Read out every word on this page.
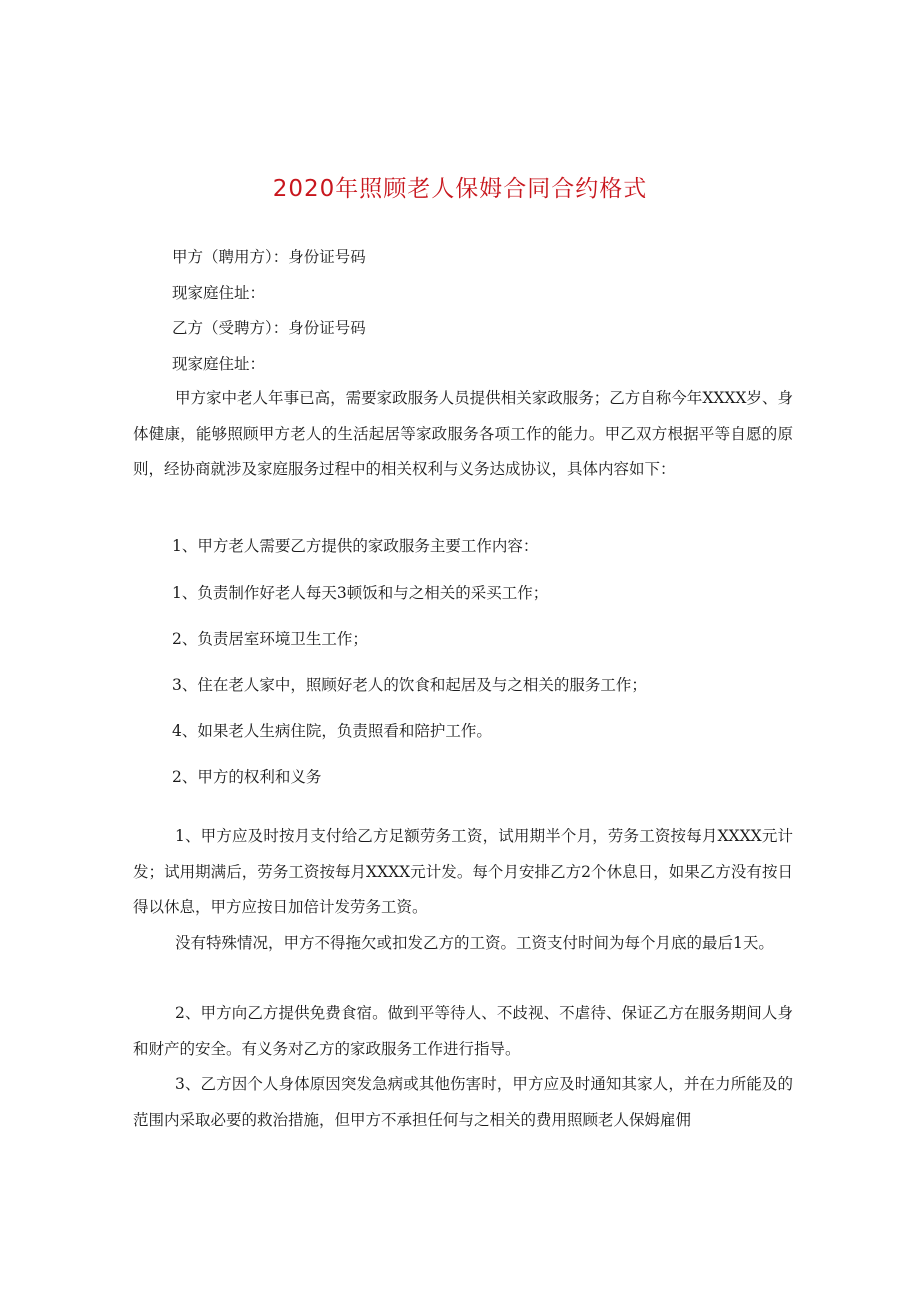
2020年照顾老人保姆合同合约格式
甲方（聘用方）：身份证号码
现家庭住址：
乙方（受聘方）：身份证号码
现家庭住址：
甲方家中老人年事已高，需要家政服务人员提供相关家政服务；乙方自称今年XXXX岁、身体健康，能够照顾甲方老人的生活起居等家政服务各项工作的能力。甲乙双方根据平等自愿的原则，经协商就涉及家庭服务过程中的相关权利与义务达成协议，具体内容如下：
1、甲方老人需要乙方提供的家政服务主要工作内容：
1、负责制作好老人每天3顿饭和与之相关的采买工作；
2、负责居室环境卫生工作；
3、住在老人家中，照顾好老人的饮食和起居及与之相关的服务工作；
4、如果老人生病住院，负责照看和陪护工作。
2、甲方的权利和义务
1、甲方应及时按月支付给乙方足额劳务工资，试用期半个月，劳务工资按每月XXXX元计发；试用期满后，劳务工资按每月XXXX元计发。每个月安排乙方2个休息日，如果乙方没有按日得以休息，甲方应按日加倍计发劳务工资。
没有特殊情况，甲方不得拖欠或扣发乙方的工资。工资支付时间为每个月底的最后1天。
2、甲方向乙方提供免费食宿。做到平等待人、不歧视、不虐待、保证乙方在服务期间人身和财产的安全。有义务对乙方的家政服务工作进行指导。
3、乙方因个人身体原因突发急病或其他伤害时，甲方应及时通知其家人，并在力所能及的范围内采取必要的救治措施，但甲方不承担任何与之相关的费用照顾老人保姆雇佣
